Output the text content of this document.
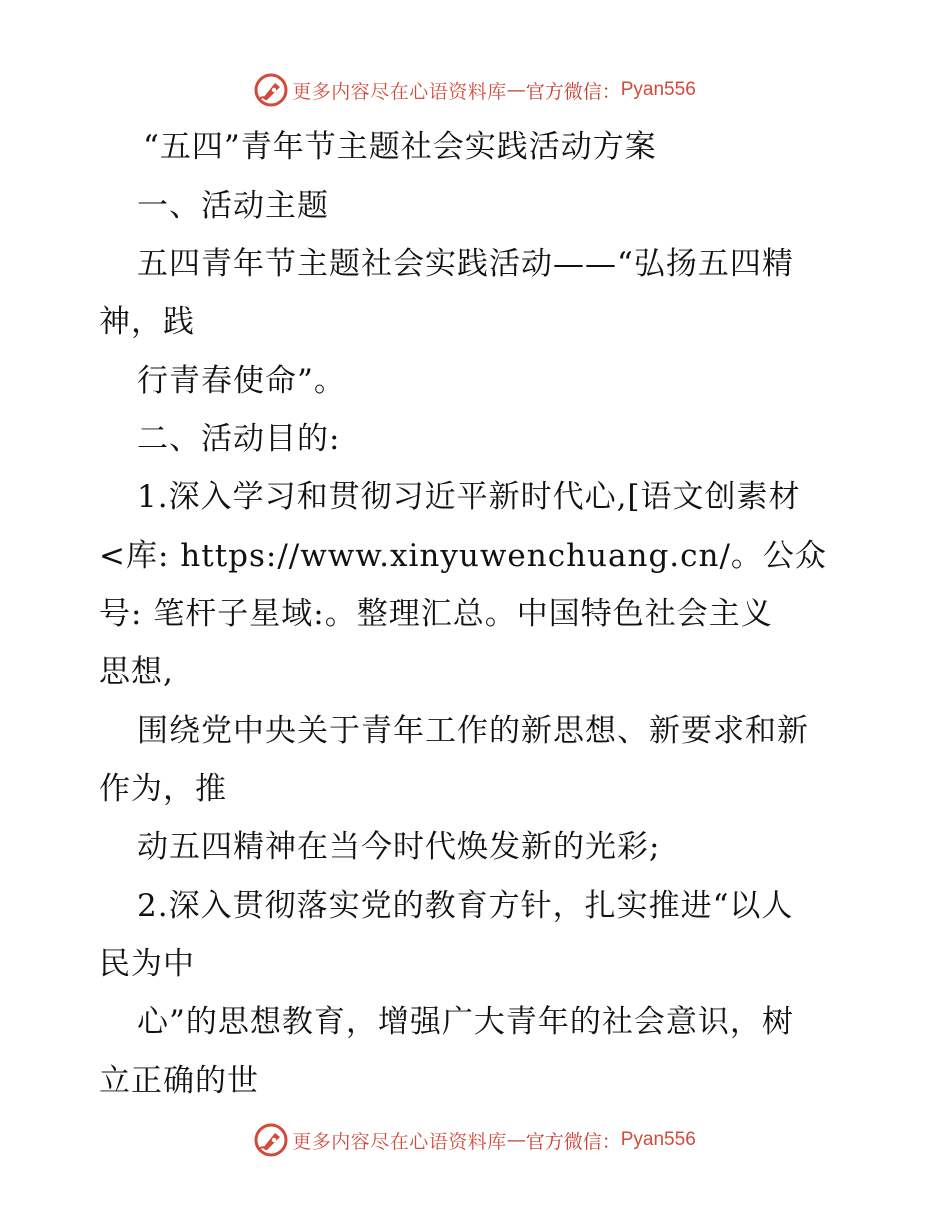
更多内容尽在心语资料库 — 官方微信： Pyan556
“五四”青年节主题社会实践活动方案
一、活动主题
五四青年节主题社会实践活动——“弘扬五四精
神，践
行青春使命”。
二、活动目的:
1.深入学习和贯彻习近平新时代心,[语文创素材
<库: https://www.xinyuwenchuang.cn/。公众
号: 笔杆子星域:。整理汇总。中国特色社会主义
思想,
围绕党中央关于青年工作的新思想、新要求和新
作为，推
动五四精神在当今时代焕发新的光彩;
2.深入贯彻落实党的教育方针，扎实推进“以人
民为中
心”的思想教育，增强广大青年的社会意识，树
立正确的世
更多内容尽在心语资料库 — 官方微信： Pyan556
